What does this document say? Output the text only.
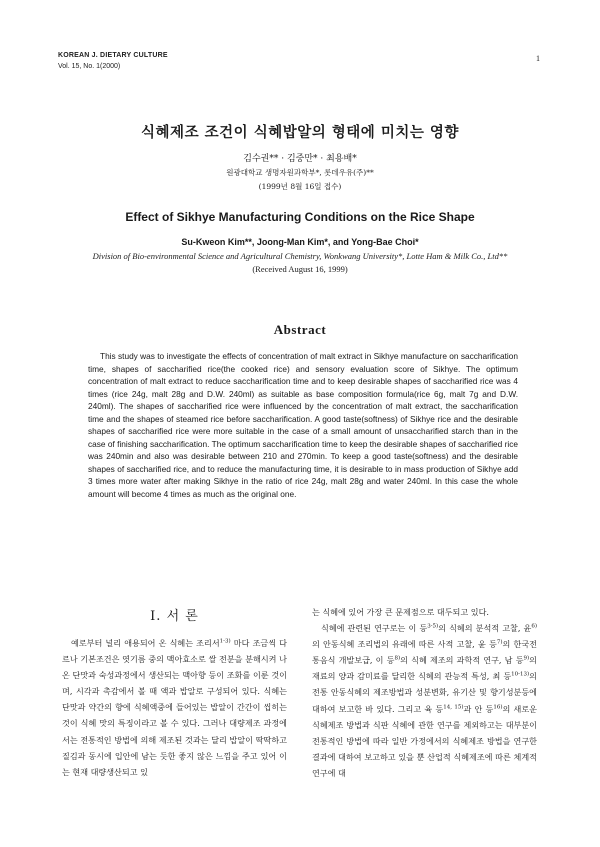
KOREAN J. DIETARY CULTURE
Vol. 15, No. 1(2000)
1
식혜제조 조건이 식혜밥알의 형태에 미치는 영향
김수권** · 김중만* · 최용배*
원광대학교 생명자원과학부*, 롯데우유(주)**
(1999년 8월 16일 접수)
Effect of Sikhye Manufacturing Conditions on the Rice Shape
Su-Kweon Kim**, Joong-Man Kim*, and Yong-Bae Choi*
Division of Bio-environmental Science and Agricultural Chemistry, Wonkwang University*, Lotte Ham & Milk Co., Ltd**
(Received August 16, 1999)
Abstract

This study was to investigate the effects of concentration of malt extract in Sikhye manufacture on saccharification time, shapes of saccharified rice(the cooked rice) and sensory evaluation score of Sikhye. The optimum concentration of malt extract to reduce saccharification time and to keep desirable shapes of saccharified rice was 4 times (rice 24g, malt 28g and D.W. 240ml) as suitable as base composition formula(rice 6g, malt 7g and D.W. 240ml). The shapes of saccharified rice were influenced by the concentration of malt extract, the saccharification time and the shapes of steamed rice before saccharification. A good taste(softness) of Sikhye rice and the desirable shapes of saccharified rice were more suitable in the case of a small amount of unsaccharified starch than in the case of finishing saccharification. The optimum saccharification time to keep the desirable shapes of saccharified rice was 240min and also was desirable between 210 and 270min. To keep a good taste(softness) and the desirable shapes of saccharified rice, and to reduce the manufacturing time, it is desirable to in mass production of Sikhye add 3 times more water after making Sikhye in the ratio of rice 24g, malt 28g and water 240ml. In this case the whole amount will become 4 times as much as the original one.

I. 서 론

예로부터 널리 애용되어 온 식혜는 조리서$^{1-3)}$ 마다 조금씩 다르나 기본조건은 엿기름 중의 맥아효소로 쌀 전분을 분해시켜 나온 단맛과 숙성과정에서 생산되는 맥아향 등이 조화를 이룬 것이며, 시각과 촉감에서 볼 때 액과 밥알로 구성되어 있다. 식혜는 단맛과 약간의 향에 식혜액중에 들어있는 밥알이 간간이 씹히는 것이 식혜 맛의 특징이라고 볼 수 있다. 그러나 대량제조 과정에서는 전통적인 방법에 의해 제조된 것과는 달리 밥알이 딱딱하고 질김과 동시에 입안에 남는 듯한 좋지 않은 느낌을 주고 있어 이는 현재 대량생산되고 있

는 식혜에 있어 가장 큰 문제점으로 대두되고 있다.

식혜에 관련된 연구로는 이 등$^{3-5)}$의 식혜의 분석적 고찰, 윤$^{6)}$의 안동식혜 조리법의 유래에 따른 사적 고찰, 윤 등$^{7)}$의 한국전통음식 개발보급, 이 등$^{8)}$의 식혜 제조의 과학적 연구, 남 등$^{9)}$의 재료의 양과 감미료를 달리한 식혜의 관능적 특성, 최 등$^{10-13)}$의 전통 안동식혜의 제조방법과 성분변화, 유기산 및 향기성분등에 대하여 보고한 바 있다. 그리고 육 등$^{14, 15)}$과 안 등$^{16)}$의 새로운 식혜제조 방법과 식판 식혜에 관한 연구를 제외하고는 대부분이 전통적인 방법에 따라 일반 가정에서의 식혜제조 방법을 연구한 결과에 대하여 보고하고 있을 뿐 산업적 식혜제조에 따른 체계적 연구에 대
